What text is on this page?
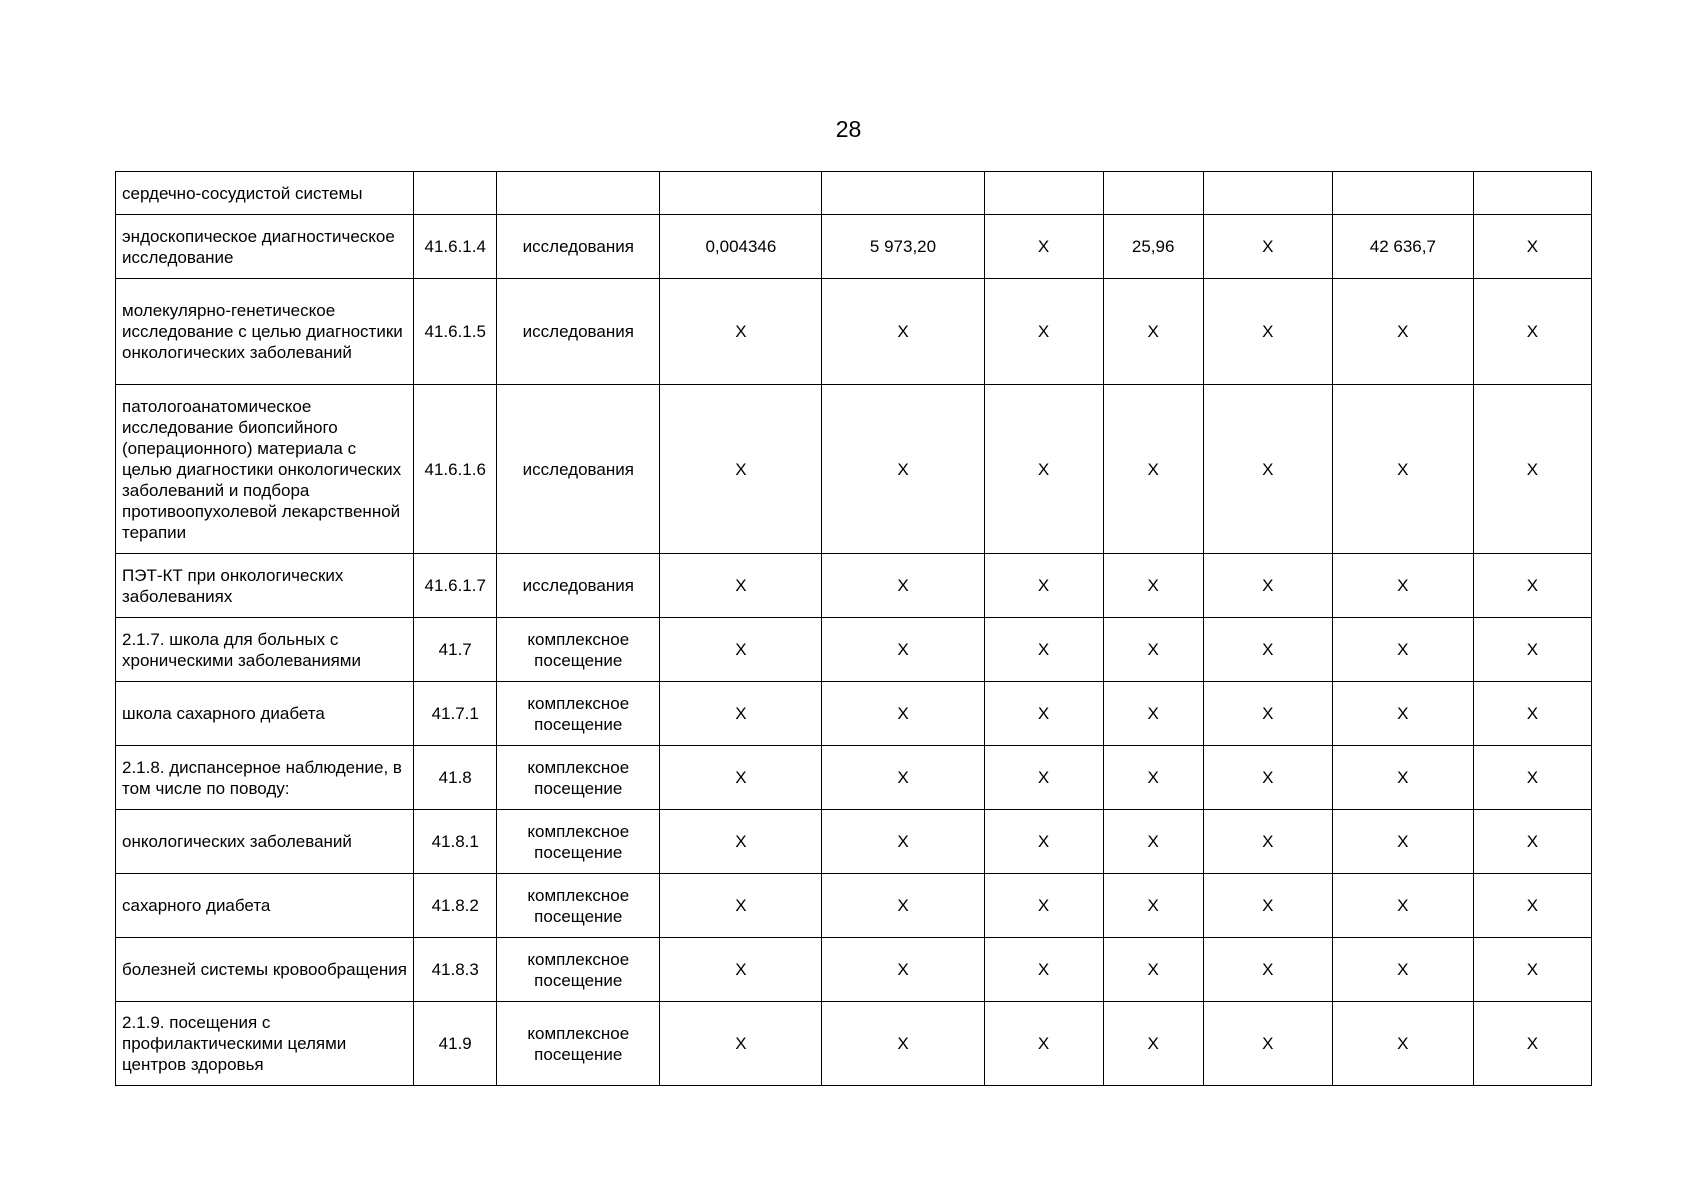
28
сердечно-сосудистой системы									
эндоскопическое диагностическое исследование	41.6.1.4	исследования	0,004346	5 973,20	X	25,96	X	42 636,7	X
молекулярно-генетическое исследование с целью диагностики онкологических заболеваний	41.6.1.5	исследования	X	X	X	X	X	X	X
патологоанатомическое исследование биопсийного (операционного) материала с целью диагностики онкологических заболеваний и подбора противоопухолевой лекарственной терапии	41.6.1.6	исследования	X	X	X	X	X	X	X
ПЭТ-КТ при онкологических заболеваниях	41.6.1.7	исследования	X	X	X	X	X	X	X
2.1.7. школа для больных с хроническими заболеваниями	41.7	комплексное посещение	X	X	X	X	X	X	X
школа сахарного диабета	41.7.1	комплексное посещение	X	X	X	X	X	X	X
2.1.8. диспансерное наблюдение, в том числе по поводу:	41.8	комплексное посещение	X	X	X	X	X	X	X
онкологических заболеваний	41.8.1	комплексное посещение	X	X	X	X	X	X	X
сахарного диабета	41.8.2	комплексное посещение	X	X	X	X	X	X	X
болезней системы кровообращения	41.8.3	комплексное посещение	X	X	X	X	X	X	X
2.1.9. посещения с профилактическими целями центров здоровья	41.9	комплексное посещение	X	X	X	X	X	X	X
